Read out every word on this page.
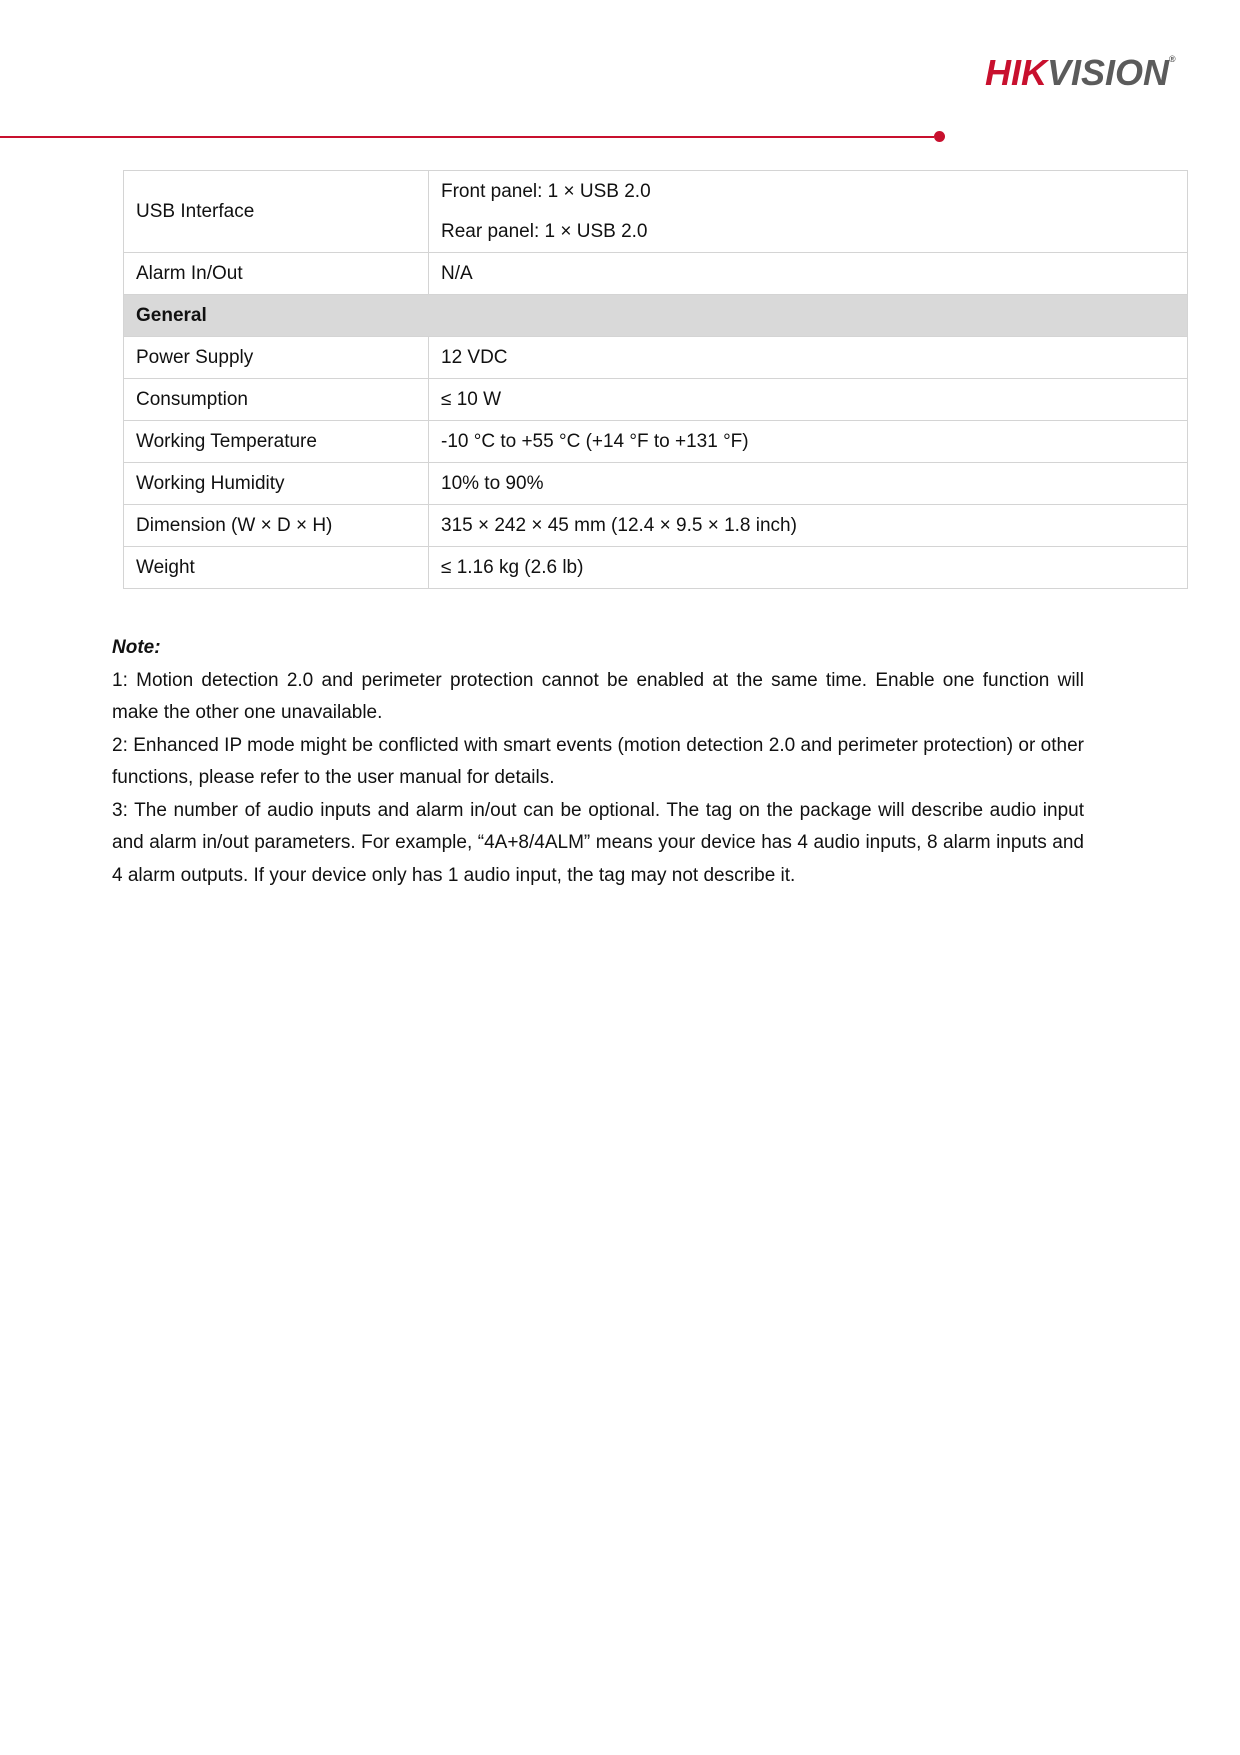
HIKVISION®
USB Interface	Front panel: 1 × USB 2.0
Rear panel: 1 × USB 2.0

Alarm In/Out	N/A
General	
Power Supply	12 VDC
Consumption	≤ 10 W
Working Temperature	-10 °C to +55 °C (+14 °F to +131 °F)
Working Humidity	10% to 90%
Dimension (W × D × H)	315 × 242 × 45 mm (12.4 × 9.5 × 1.8 inch)
Weight	≤ 1.16 kg (2.6 lb)
Note:

1: Motion detection 2.0 and perimeter protection cannot be enabled at the same time. Enable one function will make the other one unavailable.

2: Enhanced IP mode might be conflicted with smart events (motion detection 2.0 and perimeter protection) or other functions, please refer to the user manual for details.

3: The number of audio inputs and alarm in/out can be optional. The tag on the package will describe audio input and alarm in/out parameters. For example, “4A+8/4ALM” means your device has 4 audio inputs, 8 alarm inputs and 4 alarm outputs. If your device only has 1 audio input, the tag may not describe it.
